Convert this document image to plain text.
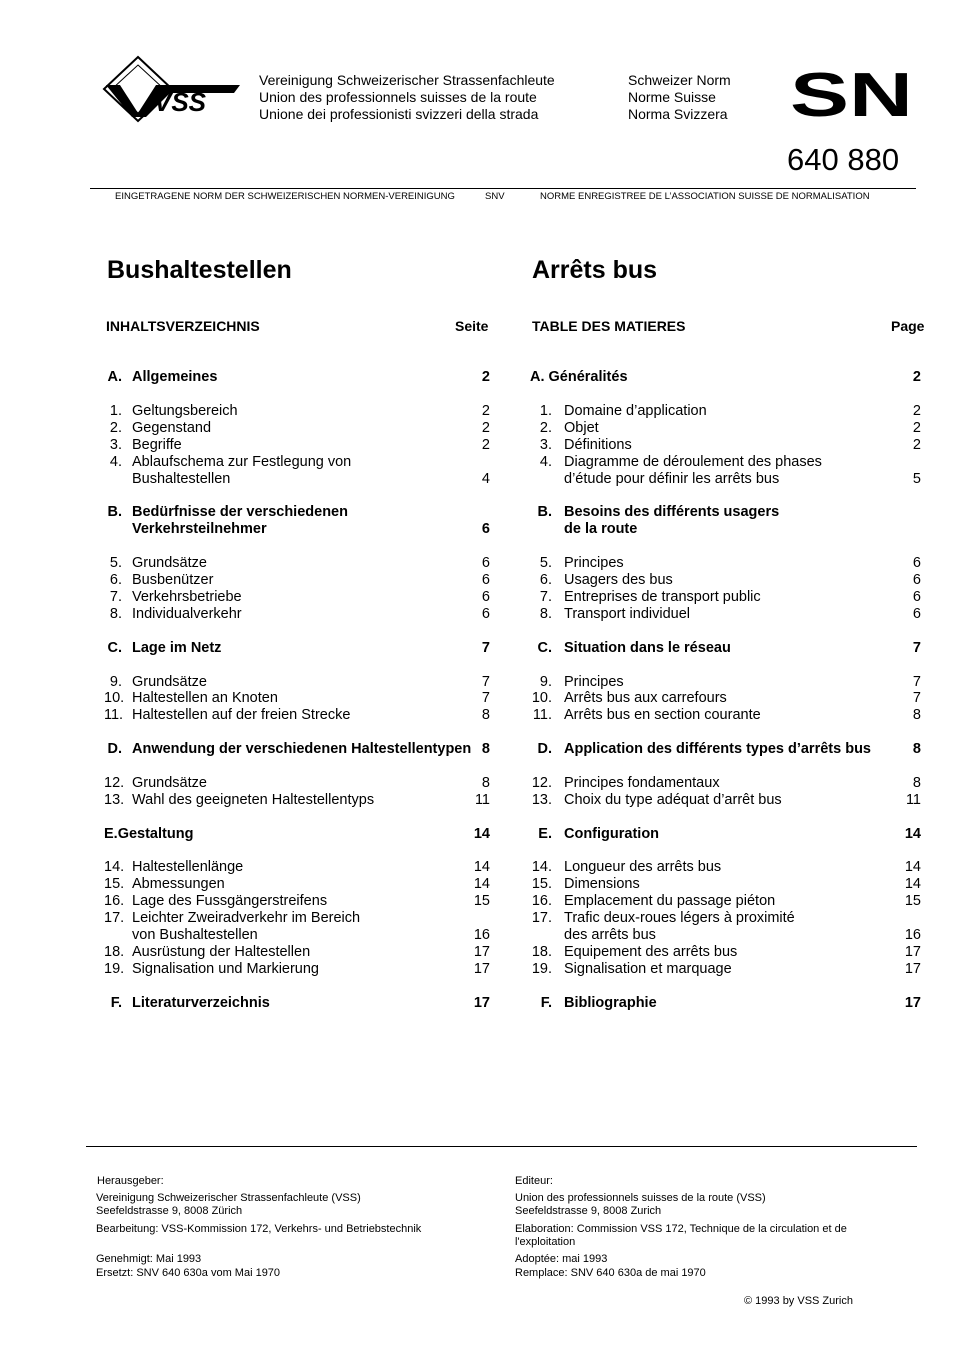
VSS
Vereinigung Schweizerischer Strassenfachleute
Union des professionnels suisses de la route
Unione dei professionisti svizzeri della strada
Schweizer Norm
Norme Suisse
Norma Svizzera SN
640 880
EINGETRAGENE NORM DER SCHWEIZERISCHEN NORMEN-VEREINIGUNG	SNV	NORME ENREGISTREE DE L’ASSOCIATION SUISSE DE NORMALISATION
Bushaltestellen	Arrêts bus
INHALTSVERZEICHNIS	Seite	TABLE DES MATIERES	Page
A. Allgemeines	2
1. Geltungsbereich	2
2. Gegenstand	2
3. Begriffe	2
4. Ablaufschema zur Festlegung von
Bushaltestellen	4
B. Bedürfnisse der verschiedenen
Verkehrsteilnehmer	6
5. Grundsätze	6
6. Busbenützer	6
7. Verkehrsbetriebe	6
8. Individualverkehr	6
C. Lage im Netz	7
9. Grundsätze	7
10. Haltestellen an Knoten	7
11. Haltestellen auf der freien Strecke	8
D. Anwendung der verschiedenen Haltestellentypen 8
12. Grundsätze	8
13. Wahl des geeigneten Haltestellentyps	11
E.Gestaltung	14
14. Haltestellenlänge	14
15. Abmessungen	14
16. Lage des Fussgängerstreifens	15
17. Leichter Zweiradverkehr im Bereich
von Bushaltestellen	16
18. Ausrüstung der Haltestellen	17
19. Signalisation und Markierung	17
F. Literaturverzeichnis	17
A. Généralités	2
1. Domaine d’application	2
2. Objet	2
3. Définitions	2
4. Diagramme de déroulement des phases
d’étude pour définir les arrêts bus	5
B. Besoins des différents usagers
de la route
5. Principes	6
6. Usagers des bus	6
7. Entreprises de transport public	6
8. Transport individuel	6
C. Situation dans le réseau	7
9. Principes	7
10. Arrêts bus aux carrefours	7
11. Arrêts bus en section courante	8
D. Application des différents types d’arrêts bus	8
12. Principes fondamentaux	8
13. Choix du type adéquat d’arrêt bus	11
E. Configuration	14
14. Longueur des arrêts bus	14
15. Dimensions	14
16. Emplacement du passage piéton	15
17. Trafic deux-roues légers à proximité
des arrêts bus	16
18. Equipement des arrêts bus	17
19. Signalisation et marquage	17
F. Bibliographie	17
Herausgeber:
Vereinigung Schweizerischer Strassenfachleute (VSS)
Seefeldstrasse 9, 8008 Zürich
Bearbeitung: VSS-Kommission 172, Verkehrs- und Betriebstechnik
Genehmigt: Mai 1993
Ersetzt: SNV 640 630a vom Mai 1970
Editeur:
Union des professionnels suisses de la route (VSS)
Seefeldstrasse 9, 8008 Zurich
Elaboration: Commission VSS 172, Technique de la circulation et de
l'exploitation
Adoptée: mai 1993
Remplace: SNV 640 630a de mai 1970
© 1993 by VSS Zurich
